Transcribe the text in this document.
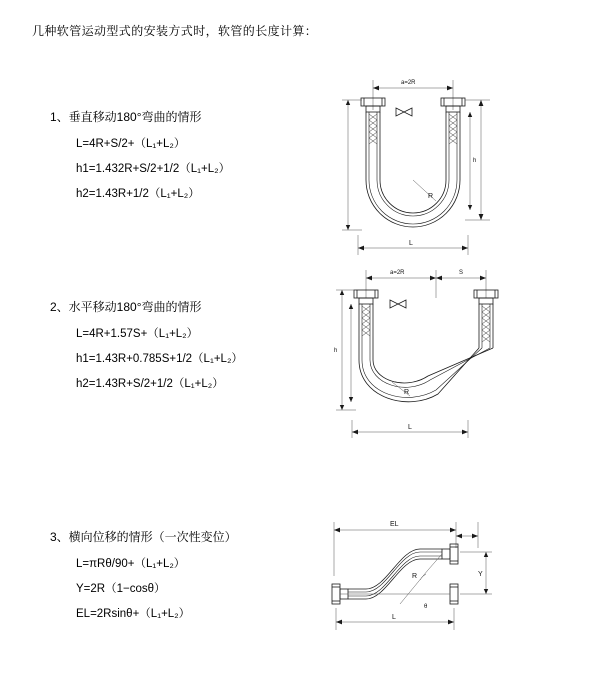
几种软管运动型式的安装方式时，软管的长度计算：
1、垂直移动180°弯曲的情形
L=4R+S/2+（L₁+L₂）
h1=1.432R+S/2+1/2（L₁+L₂）
h2=1.43R+1/2（L₁+L₂）
a=2R
R
h
L
2、水平移动180°弯曲的情形
L=4R+1.57S+（L₁+L₂）
h1=1.43R+0.785S+1/2（L₁+L₂）
h2=1.43R+S/2+1/2（L₁+L₂）
a=2R	S
R
h
L
3、横向位移的情形（一次性变位）
L=πRθ/90+（L₁+L₂）
Y=2R（1−cosθ）
EL=2Rsinθ+（L₁+L₂）
EL
θ
R	Y
L
